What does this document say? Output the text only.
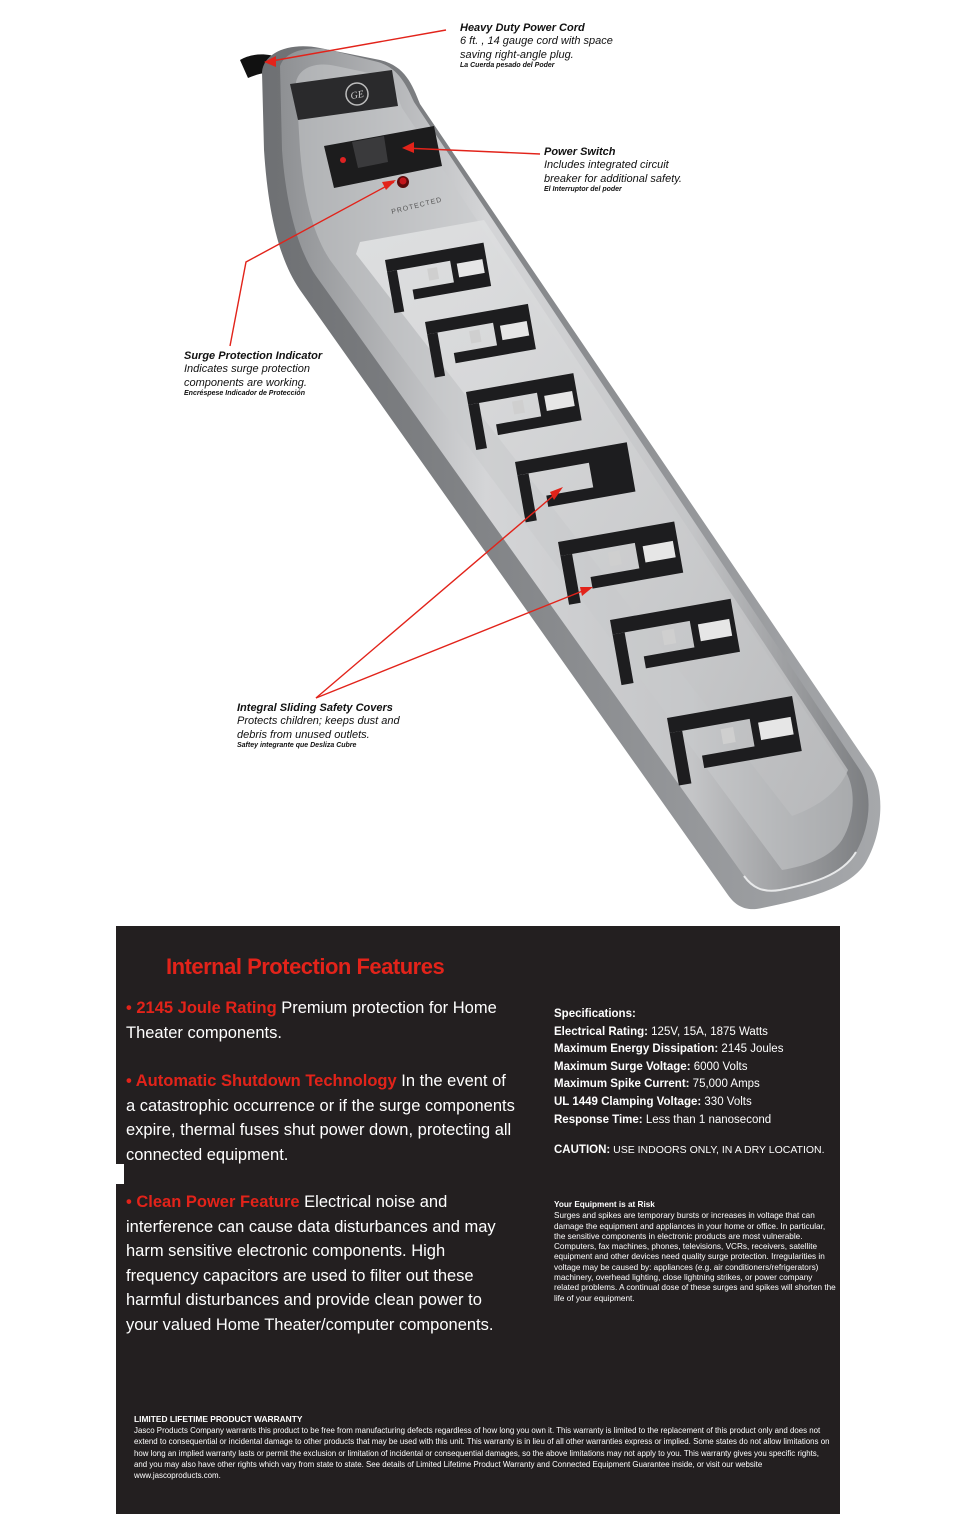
GE
PROTECTED
Heavy Duty Power Cord
6 ft. , 14 gauge cord with space
saving right-angle plug.
La Cuerda pesado del Poder
Power Switch
Includes integrated circuit
breaker for additional safety.
El Interruptor del poder
Surge Protection Indicator
Indicates surge protection
components are working.
Encréspese Indicador de Protección
Integral Sliding Safety Covers
Protects children; keeps dust and
debris from unused outlets.
Saftey integrante que Desliza Cubre
Internal Protection Features

• 2145 Joule Rating Premium protection for Home Theater components.

• Automatic Shutdown Technology In the event of a catastrophic occurrence or if the surge components expire, thermal fuses shut power down, protecting all connected equipment.

• Clean Power Feature Electrical noise and interference can cause data disturbances and may harm sensitive electronic components. High frequency capacitors are used to filter out these harmful disturbances and provide clean power to your valued Home Theater/computer components.

Specifications:
Electrical Rating: 125V, 15A, 1875 Watts
Maximum Energy Dissipation: 2145 Joules
Maximum Surge Voltage: 6000 Volts
Maximum Spike Current: 75,000 Amps
UL 1449 Clamping Voltage: 330 Volts
Response Time: Less than 1 nanosecond
CAUTION: USE INDOORS ONLY, IN A DRY LOCATION.
Your Equipment is at Risk
Surges and spikes are temporary bursts or increases in voltage that can damage the equipment and appliances in your home or office. In particular, the sensitive components in electronic products are most vulnerable. Computers, fax machines, phones, televisions, VCRs, receivers, satellite equipment and other devices need quality surge protection. Irregularities in voltage may be caused by: appliances (e.g. air conditioners/refrigerators) machinery, overhead lighting, close lightning strikes, or power company related problems. A continual dose of these surges and spikes will shorten the life of your equipment.
LIMITED LIFETIME PRODUCT WARRANTY
Jasco Products Company warrants this product to be free from manufacturing defects regardless of how long you own it. This warranty is limited to the replacement of this product only and does not extend to consequential or incidental damage to other products that may be used with this unit. This warranty is in lieu of all other warranties express or implied. Some states do not allow limitations on how long an implied warranty lasts or permit the exclusion or limitation of incidental or consequential damages, so the above limitations may not apply to you. This warranty gives you specific rights, and you may also have other rights which vary from state to state. See details of Limited Lifetime Product Warranty and Connected Equipment Guarantee inside, or visit our website www.jascoproducts.com.
